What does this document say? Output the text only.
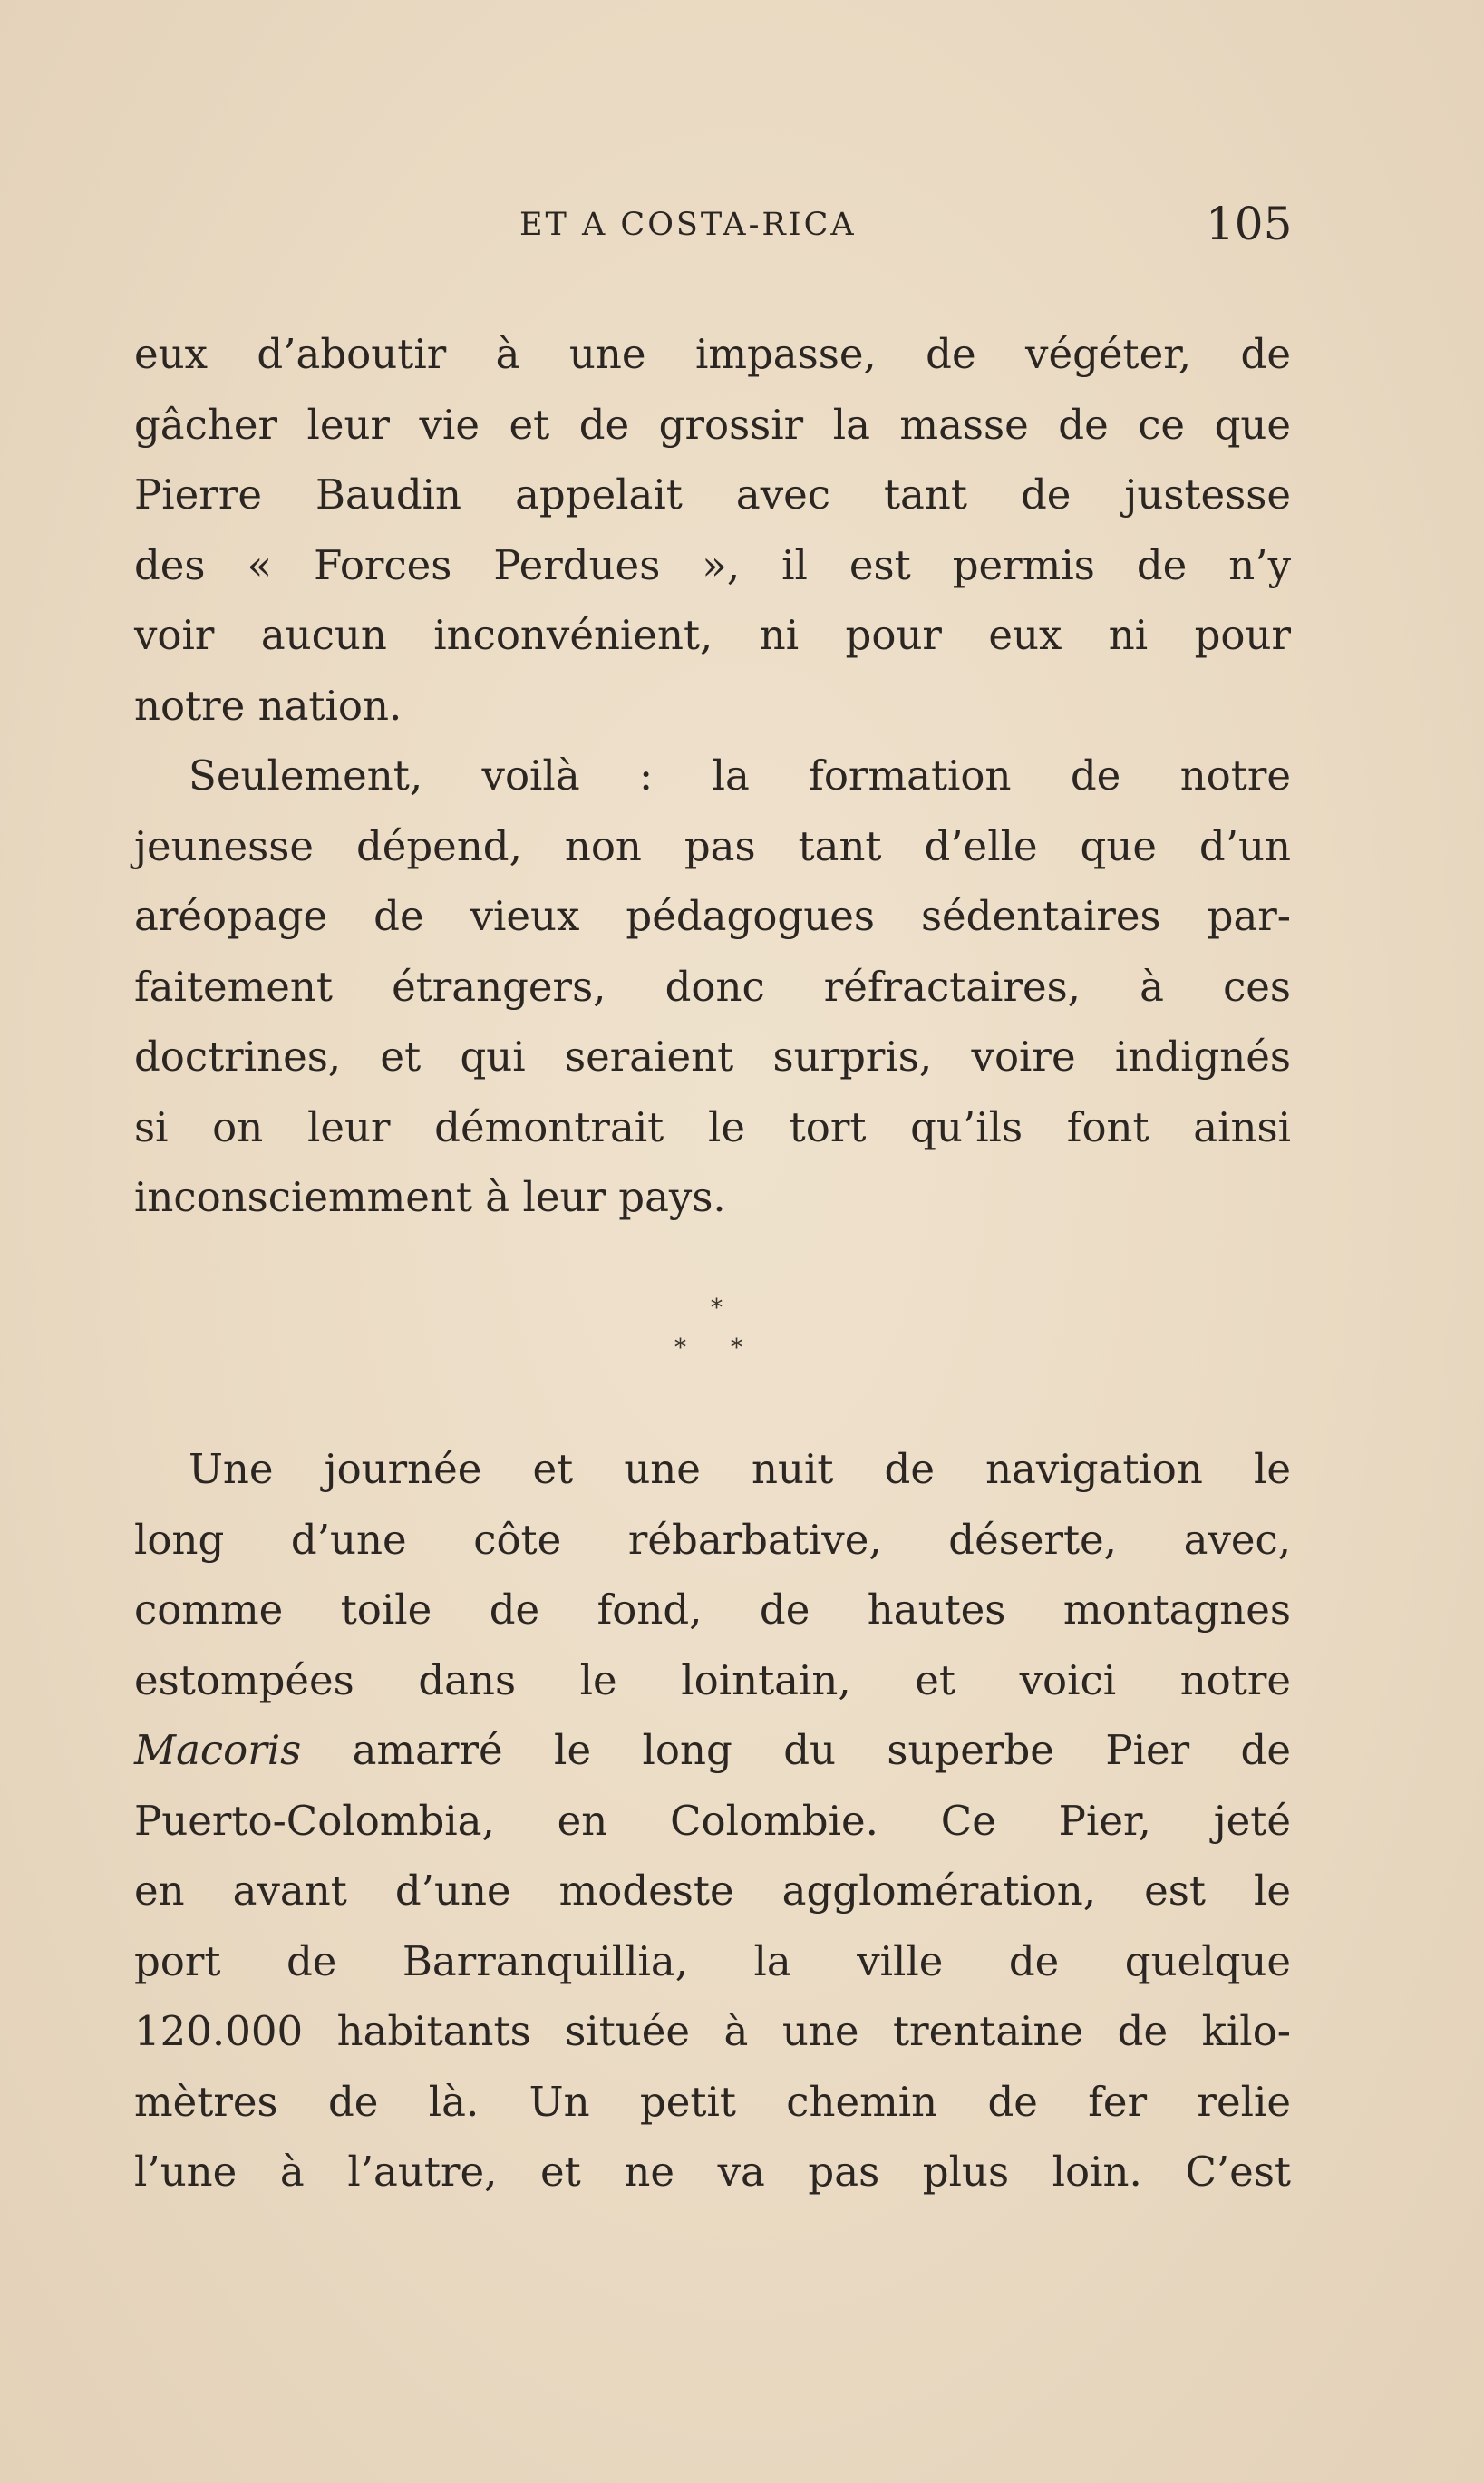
ET A COSTA-RICA	105
eux d’aboutir à une impasse, de végéter, de
gâcher leur vie et de grossir la masse de ce que
Pierre Baudin appelait avec tant de justesse
des « Forces Perdues », il est permis de n’y
voir aucun inconvénient, ni pour eux ni pour
notre nation.
Seulement, voilà : la formation de notre
jeunesse dépend, non pas tant d’elle que d’un
aréopage de vieux pédagogues sédentaires par-
faitement étrangers, donc réfractaires, à ces
doctrines, et qui seraient surpris, voire indignés
si on leur démontrait le tort qu’ils font ainsi
inconsciemment à leur pays.
*
* *
Une journée et une nuit de navigation le
long d’une côte rébarbative, déserte, avec,
comme toile de fond, de hautes montagnes
estompées dans le lointain, et voici notre
Macoris amarré le long du superbe Pier de
Puerto-Colombia, en Colombie. Ce Pier, jeté
en avant d’une modeste agglomération, est le
port de Barranquillia, la ville de quelque
120.000 habitants située à une trentaine de kilo-
mètres de là. Un petit chemin de fer relie
l’une à l’autre, et ne va pas plus loin. C’est
